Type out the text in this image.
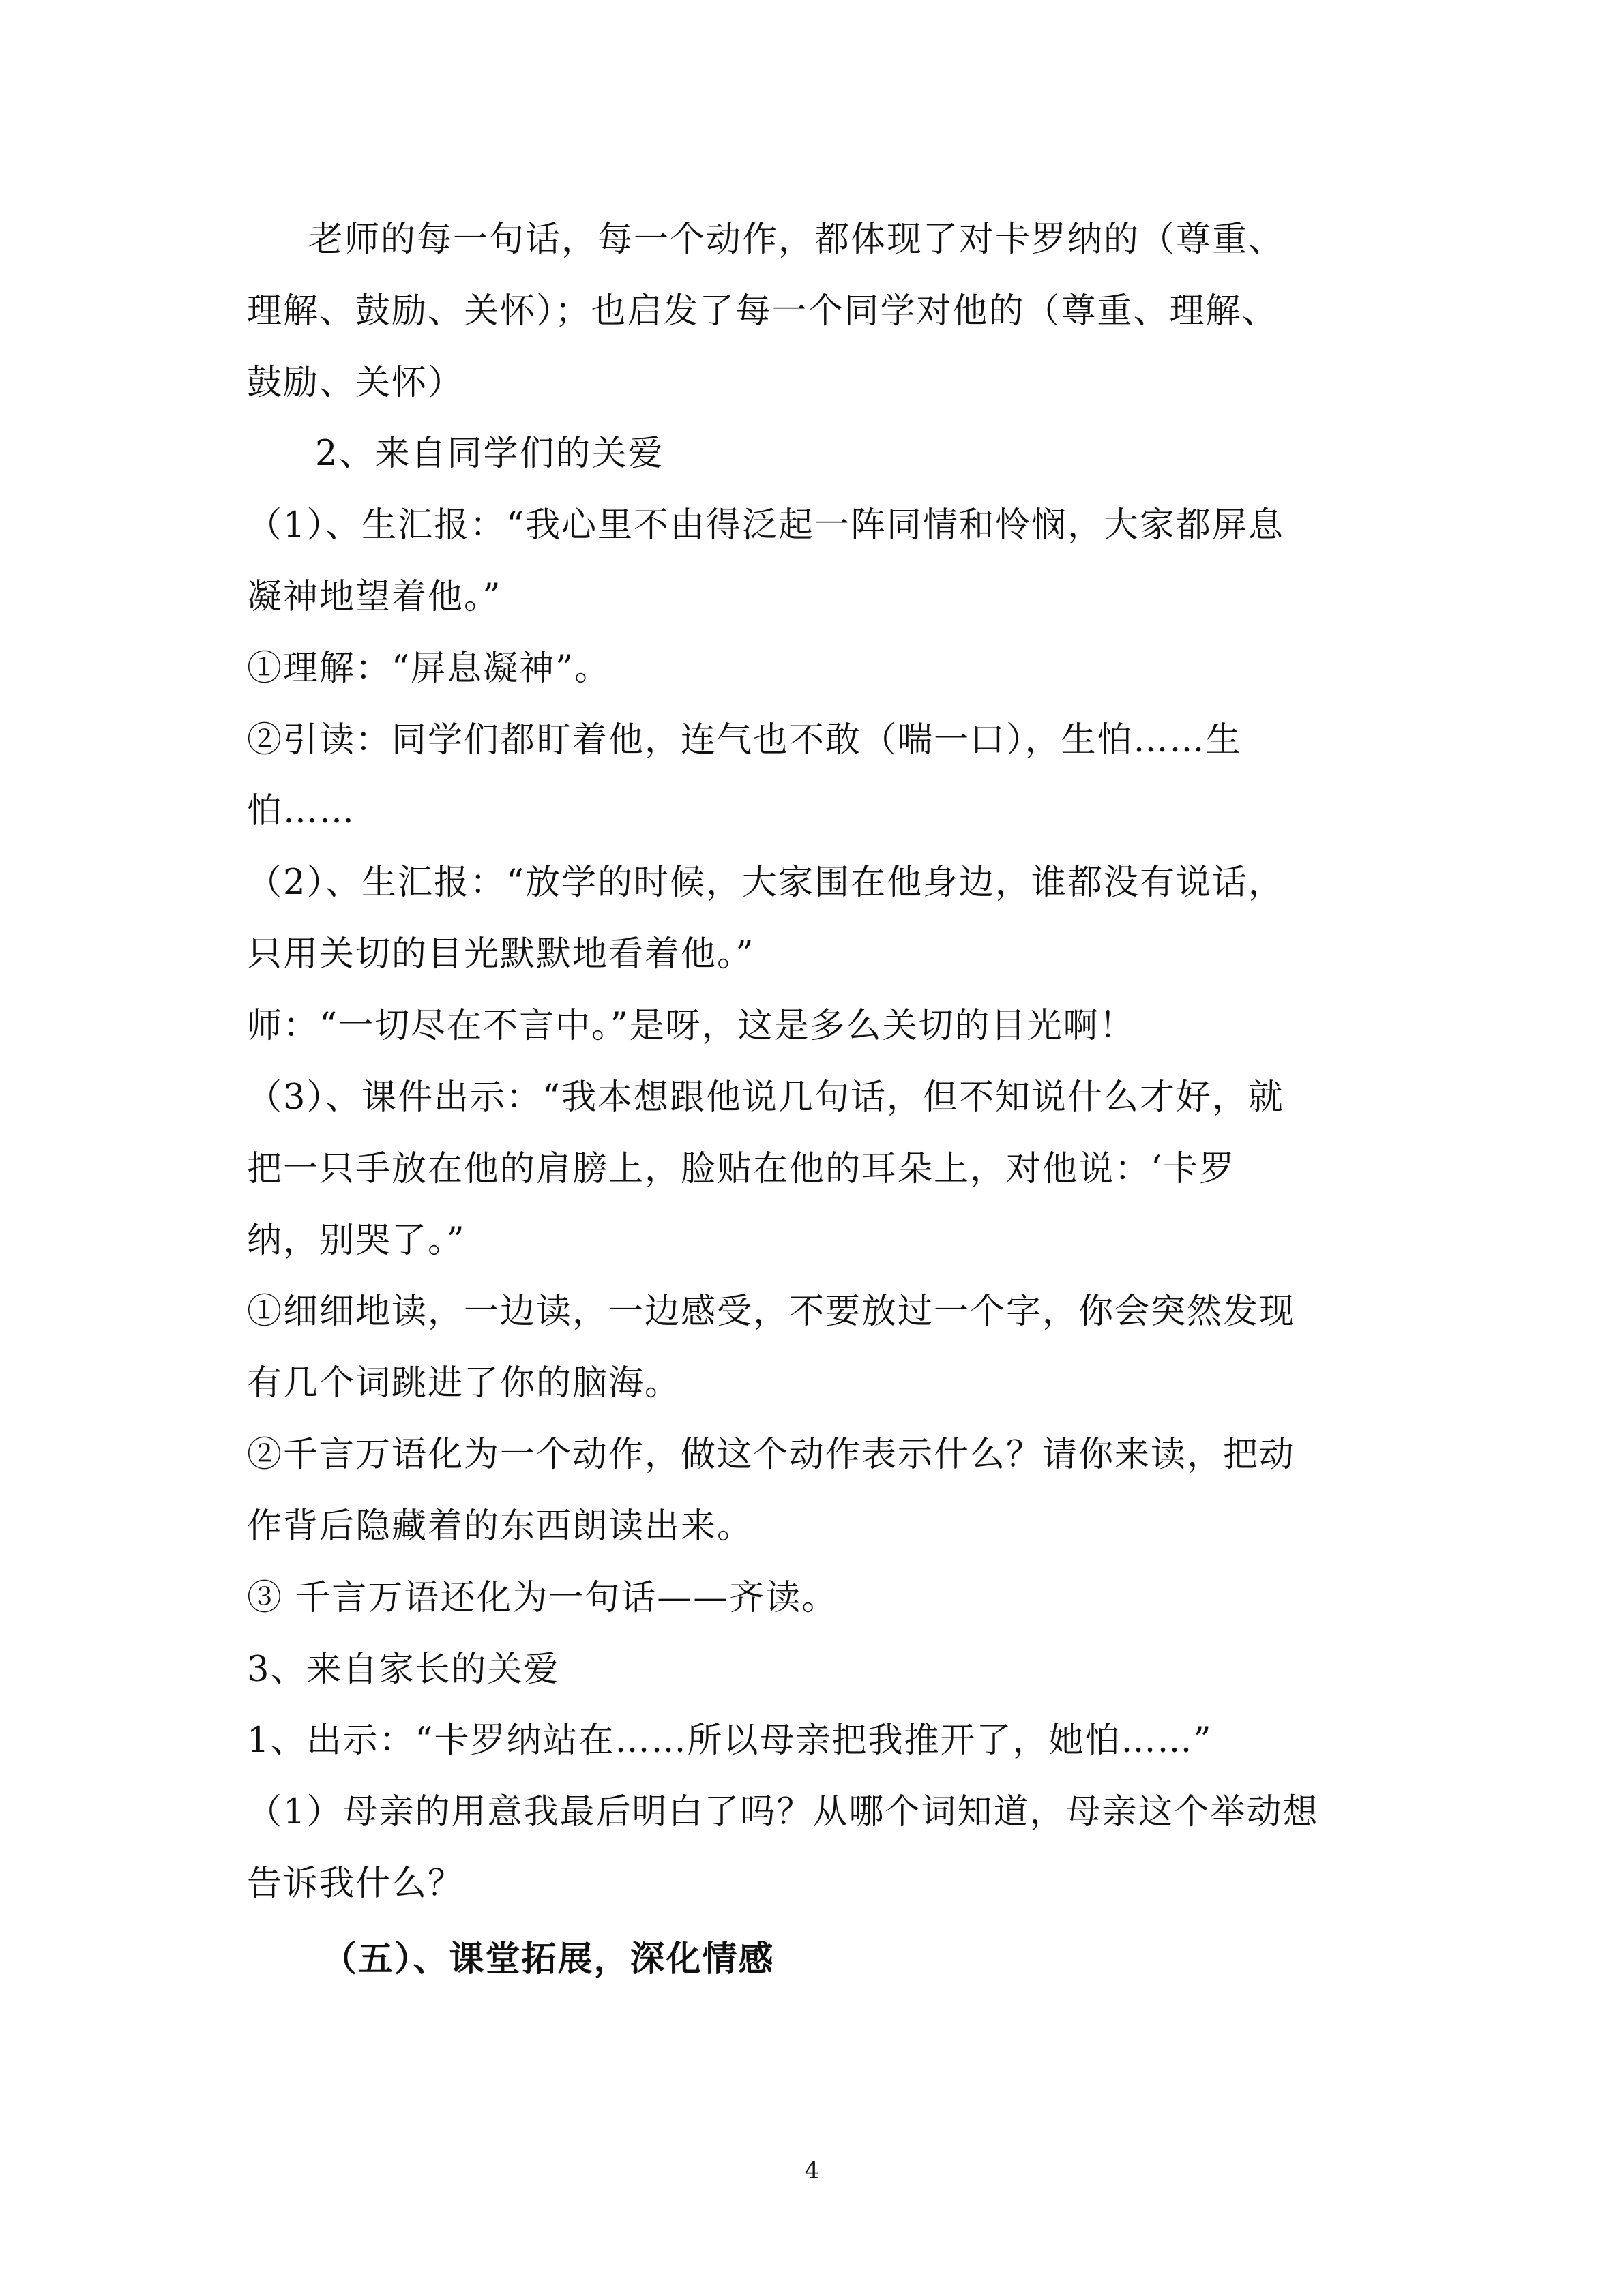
老师的每一句话，每一个动作，都体现了对卡罗纳的（尊重、
理解、鼓励、关怀）；也启发了每一个同学对他的（尊重、理解、
鼓励、关怀）
2、来自同学们的关爱
（1）、生汇报：“我心里不由得泛起一阵同情和怜悯，大家都屏息
凝神地望着他。”
①理解：“屏息凝神”。
②引读：同学们都盯着他，连气也不敢（喘一口），生怕……生
怕……
（2）、生汇报：“放学的时候，大家围在他身边，谁都没有说话，
只用关切的目光默默地看着他。”
师：“一切尽在不言中。”是呀，这是多么关切的目光啊！
（3）、课件出示：“我本想跟他说几句话，但不知说什么才好，就
把一只手放在他的肩膀上，脸贴在他的耳朵上，对他说：‘卡罗
纳，别哭了。”
①细细地读，一边读，一边感受，不要放过一个字，你会突然发现
有几个词跳进了你的脑海。
②千言万语化为一个动作，做这个动作表示什么？请你来读，把动
作背后隐藏着的东西朗读出来。
③ 千言万语还化为一句话——齐读。
3、来自家长的关爱
1、出示：“卡罗纳站在……所以母亲把我推开了，她怕……”
（1）母亲的用意我最后明白了吗？从哪个词知道，母亲这个举动想
告诉我什么？
（五）、课堂拓展，深化情感
4
